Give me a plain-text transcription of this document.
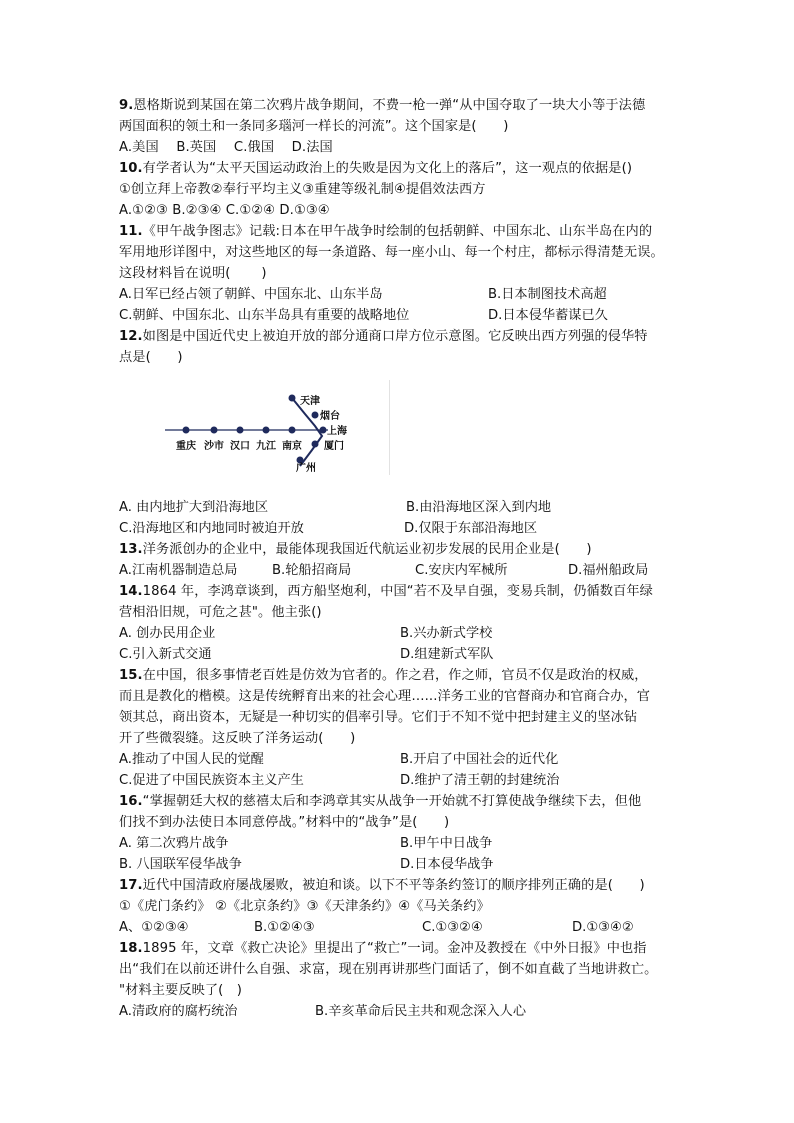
9.恩格斯说到某国在第二次鸦片战争期间，不费一枪一弹“从中国夺取了一块大小等于法德
两国面积的领土和一条同多瑙河一样长的河流”。这个国家是(　　)
A.美国　 B.英国　 C.俄国　 D.法国
10.有学者认为“太平天国运动政治上的失败是因为文化上的落后”，这一观点的依据是()
①创立拜上帝教②奉行平均主义③重建等级礼制④提倡效法西方
A.①②③ B.②③④ C.①②④ D.①③④
11.《甲午战争图志》记载:日本在甲午战争时绘制的包括朝鲜、中国东北、山东半岛在内的
军用地形详图中，对这些地区的每一条道路、每一座小山、每一个村庄，都标示得清楚无误。
这段材料旨在说明(　　 )
A.日军已经占领了朝鲜、中国东北、山东半岛	B.日本制图技术高超
C.朝鲜、中国东北、山东半岛具有重要的战略地位	D.日本侵华蓄谋已久
12.如图是中国近代史上被迫开放的部分通商口岸方位示意图。它反映出西方列强的侵华特
点是(　　)
重庆 沙市 汉口 九江 南京
天津
烟台
上海
厦门
广州
A. 由内地扩大到沿海地区	B.由沿海地区深入到内地
C.沿海地区和内地同时被迫开放	D.仅限于东部沿海地区
13.洋务派创办的企业中，最能体现我国近代航运业初步发展的民用企业是(　　)
A.江南机器制造总局	B.轮船招商局	C.安庆内军械所	D.福州船政局
14.1864 年，李鸿章谈到，西方船坚炮利，中国“若不及早自强，变易兵制，仍循数百年绿
营相沿旧规，可危之甚"。他主张()
A. 创办民用企业	B.兴办新式学校
C.引入新式交通	D.组建新式军队
15.在中国，很多事情老百姓是仿效为官者的。作之君，作之师，官员不仅是政治的权威，
而且是教化的楷模。这是传统孵育出来的社会心理…...洋务工业的官督商办和官商合办，官
领其总，商出资本，无疑是一种切实的倡率引导。它们于不知不觉中把封建主义的坚冰钻
开了些微裂缝。这反映了洋务运动(　　)
A.推动了中国人民的觉醒	B.开启了中国社会的近代化
C.促进了中国民族资本主义产生	D.维护了清王朝的封建统治
16.“掌握朝廷大权的慈禧太后和李鸿章其实从战争一开始就不打算使战争继续下去，但他
们找不到办法使日本同意停战。”材料中的“战争”是(　　)
A. 第二次鸦片战争	B.甲午中日战争
B. 八国联军侵华战争	D.日本侵华战争
17.近代中国清政府屡战屡败，被迫和谈。以下不平等条约签订的顺序排列正确的是(　　)
①《虎门条约》 ②《北京条约》③《天津条约》④《马关条约》
A、①②③④	B.①②④③	C.①③②④	D.①③④②
18.1895 年，文章《救亡决论》里提出了“救亡”一词。金冲及教授在《中外日报》中也指
出“我们在以前还讲什么自强、求富，现在别再讲那些门面话了，倒不如直截了当地讲救亡。
"材料主要反映了(　)
A.清政府的腐朽统治	B.辛亥革命后民主共和观念深入人心
